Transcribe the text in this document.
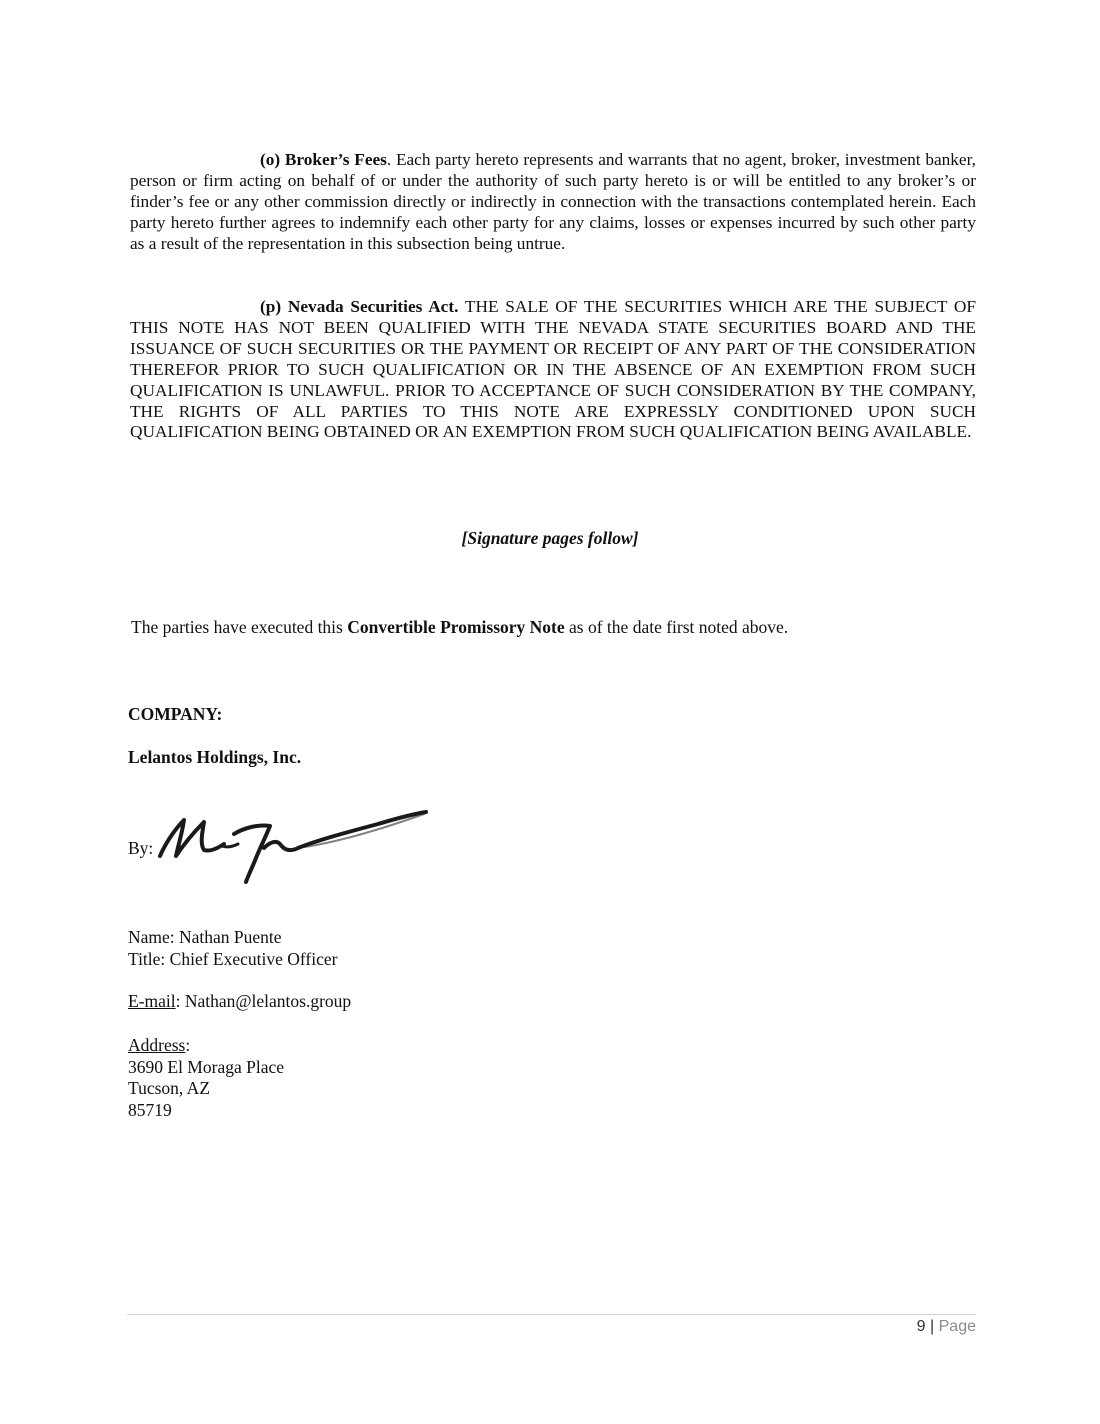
(o) Broker’s Fees. Each party hereto represents and warrants that no agent, broker, investment banker, person or firm acting on behalf of or under the authority of such party hereto is or will be entitled to any broker’s or finder’s fee or any other commission directly or indirectly in connection with the transactions contemplated herein. Each party hereto further agrees to indemnify each other party for any claims, losses or expenses incurred by such other party as a result of the representation in this subsection being untrue.

(p) Nevada Securities Act. THE SALE OF THE SECURITIES WHICH ARE THE SUBJECT OF THIS NOTE HAS NOT BEEN QUALIFIED WITH THE NEVADA STATE SECURITIES BOARD AND THE ISSUANCE OF SUCH SECURITIES OR THE PAYMENT OR RECEIPT OF ANY PART OF THE CONSIDERATION THEREFOR PRIOR TO SUCH QUALIFICATION OR IN THE ABSENCE OF AN EXEMPTION FROM SUCH QUALIFICATION IS UNLAWFUL. PRIOR TO ACCEPTANCE OF SUCH CONSIDERATION BY THE COMPANY, THE RIGHTS OF ALL PARTIES TO THIS NOTE ARE EXPRESSLY CONDITIONED UPON SUCH QUALIFICATION BEING OBTAINED OR AN EXEMPTION FROM SUCH QUALIFICATION BEING AVAILABLE.

[Signature pages follow]
The parties have executed this Convertible Promissory Note as of the date first noted above.
COMPANY:
Lelantos Holdings, Inc.
By:
Name: Nathan Puente
Title: Chief Executive Officer
E-mail: Nathan@lelantos.group
Address:
3690 El Moraga Place
Tucson, AZ
85719
9 | Page
